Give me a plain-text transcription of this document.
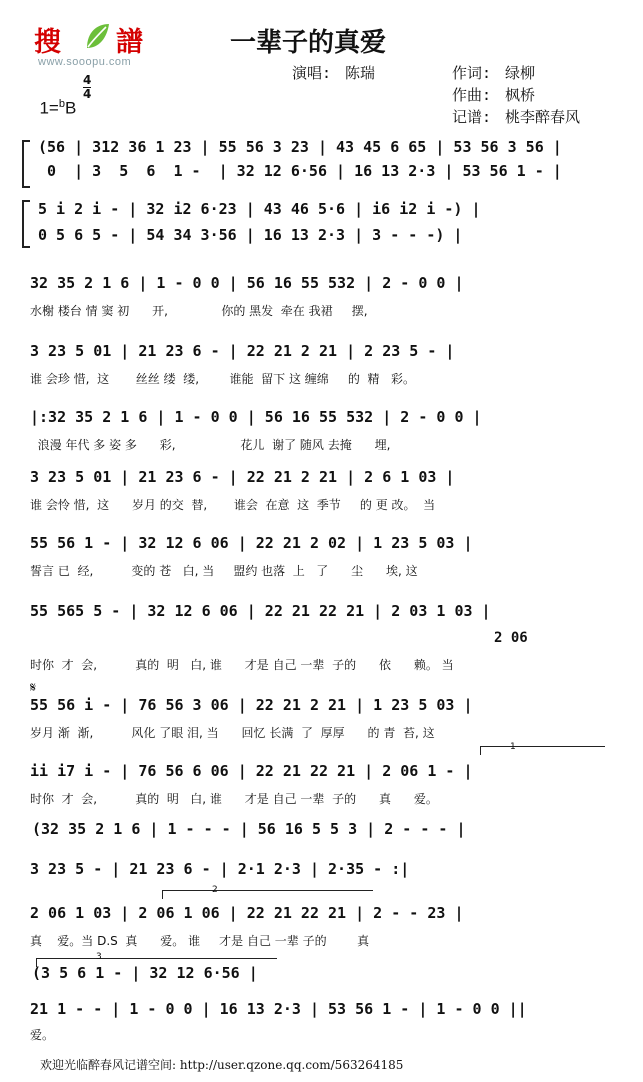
搜 譜
www.sooopu.com
一辈子的真爱
演唱: 陈瑞	作词: 绿柳
作曲: 枫桥
记谱: 桃李醉春风

1=$^b$B

$\frac{4}{4}$
(56 | 312 36 1 23 | 55 56 3 23 | 43 45 6 65 | 53 56 3 56 |
0  | 3  5  6  1 -  | 32 12 6·56 | 16 13 2·3 | 53 56 1 - |
5 i 2 i - | 32 i2 6·23 | 43 46 5·6 | i6 i2 i -) |
0 5 6 5 - | 54 34 3·56 | 16 13 2·3 | 3 - - -) |
32 35 2 1 6 | 1 - 0 0 | 56 16 55 532 | 2 - 0 0 |
水榭 楼台 情 窦 初      开,              你的 黑发  牵在 我裙     摆,
3 23 5 01 | 21 23 6 - | 22 21 2 21 | 2 23 5 - |
谁 会珍 惜,  这       丝丝 缕  缕,        谁能  留下 这 缠绵     的  精   彩。
|:32 35 2 1 6 | 1 - 0 0 | 56 16 55 532 | 2 - 0 0 |
浪漫 年代 多 姿 多      彩,                 花儿  谢了 随风 去掩      埋,
3 23 5 01 | 21 23 6 - | 22 21 2 21 | 2 6 1 03 |
谁 会怜 惜,  这      岁月 的交  替,       谁会  在意  这  季节     的 更 改。  当
55 56 1 - | 32 12 6 06 | 22 21 2 02 | 1 23 5 03 |
誓言 已  经,          变的 苍   白, 当     盟约 也落  上   了      尘      埃, 这
55 565 5 - | 32 12 6 06 | 22 21 22 21 | 2 03 1 03 |
2 06
时你  才  会,          真的  明   白, 谁      才是 自己 一辈  子的      依      赖。 当
𝄋
55 56 i - | 76 56 3 06 | 22 21 2 21 | 1 23 5 03 |
岁月 渐  渐,          风化 了眼 泪, 当      回忆 长满  了  厚厚      的 青  苔, 这
1
ii i7 i - | 76 56 6 06 | 22 21 22 21 | 2 06 1 - |
时你  才  会,          真的  明   白, 谁      才是 自己 一辈  子的      真      爱。
(32 35 2 1 6 | 1 - - - | 56 16 5 5 3 | 2 - - - |
3 23 5 - | 21 23 6 - | 2·1 2·3 | 2·35 - :|
2
2 06 1 03 | 2 06 1 06 | 22 21 22 21 | 2 - - 23 |
真    爱。当 D.S  真      爱。 谁     才是 自己 一辈 子的        真
3
(3 5 6 1 - | 32 12 6·56 |
21 1 - - | 1 - 0 0 | 16 13 2·3 | 53 56 1 - | 1 - 0 0 ||
爱。
欢迎光临醉春风记谱空间: http://user.qzone.qq.com/563264185
